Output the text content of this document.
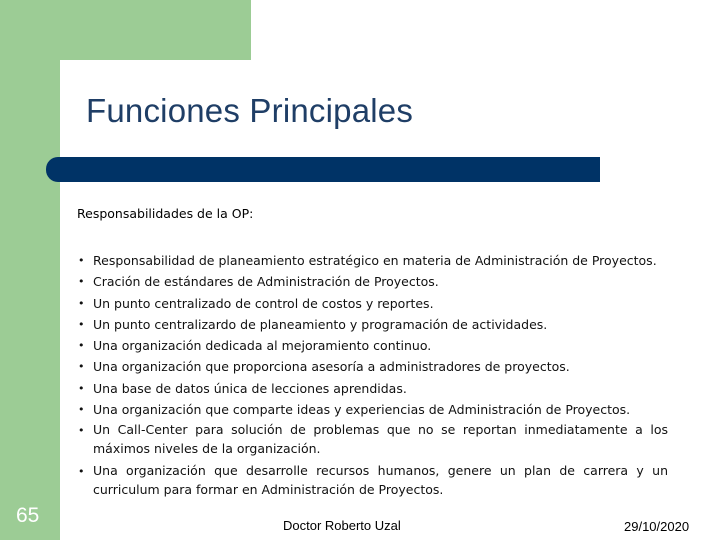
Funciones Principales
Responsabilidades de la OP:
• Responsabilidad de planeamiento estratégico en materia de Administración de Proyectos.
• Cración de estándares de Administración de Proyectos.
• Un punto centralizado de control de costos y reportes.
• Un punto centralizardo de planeamiento y programación de actividades.
• Una organización dedicada al mejoramiento continuo.
• Una organización que proporciona asesoría a administradores de proyectos.
• Una base de datos única de lecciones aprendidas.
• Una organización que comparte ideas y experiencias de Administración de Proyectos.
• Un Call-Center para solución de problemas que no se reportan inmediatamente a los máximos niveles de la organización.
• Una organización que desarrolle recursos humanos, genere un plan de carrera y un curriculum para formar en Administración de Proyectos.
65	Doctor Roberto Uzal	29/10/2020
